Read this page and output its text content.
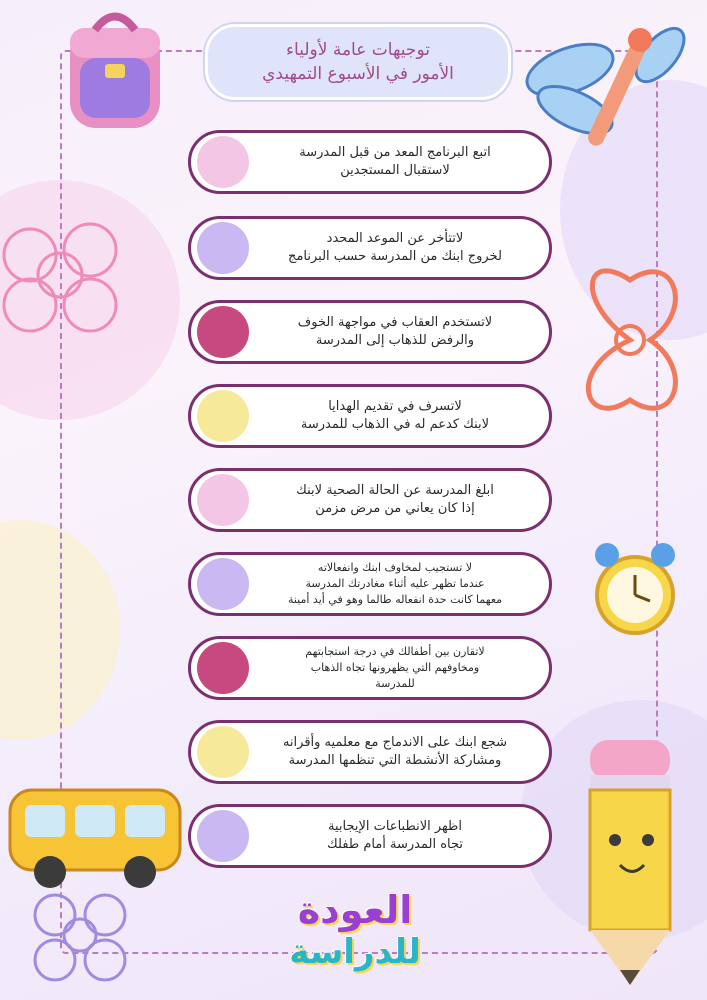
توجيهات عامة لأولياء
الأمور في الأسبوع التمهيدي
اتبع البرنامج المعد من قبل المدرسة
لاستقبال المستجدين
لاتتأخر عن الموعد المحدد
لخروج ابنك من المدرسة حسب البرنامج
لاتستخدم العقاب في مواجهة الخوف
والرفض للذهاب إلى المدرسة
لاتسرف في تقديم الهدايا
لابنك كدعم له في الذهاب للمدرسة
ابلغ المدرسة عن الحالة الصحية لابنك
إذا كان يعاني من مرض مزمن
لا تستجيب لمخاوف ابنك وانفعالاته
عندما تظهر عليه أثناء مغادرتك المدرسة
معهما كانت حدة انفعاله طالما وهو في أيد أمينة
لاتقارن بين أطفالك في درجة استجابتهم
ومخاوفهم التي يظهرونها تجاه الذهاب
للمدرسة
شجع ابنك على الاندماج مع معلميه وأقرانه
ومشاركة الأنشطة التي تنظمها المدرسة
اظهر الانطباعات الإيجابية
تجاه المدرسة أمام طفلك
العودة
للدراسة
